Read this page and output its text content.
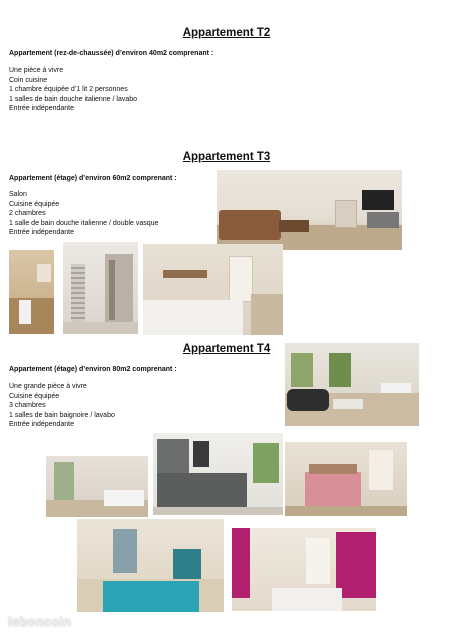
Appartement T2
Appartement (rez-de-chaussée) d’environ 40m2 comprenant :
Une pièce à vivre
Coin cuisine
1 chambre équipée d’1 lit 2 personnes
1 salles de bain douche italienne / lavabo
Entrée indépendante
Appartement T3
Appartement (étage) d’environ 60m2 comprenant :
Salon
Cuisine équipée
2 chambres
1 salle de bain douche italienne / double vasque
Entrée indépendante
Appartement T4
Appartement (étage) d’environ 80m2 comprenant :
Une grande pièce à vivre
Cuisine équipée
3 chambres
1 salles de bain baignoire / lavabo
Entrée indépendante
leboncoin
